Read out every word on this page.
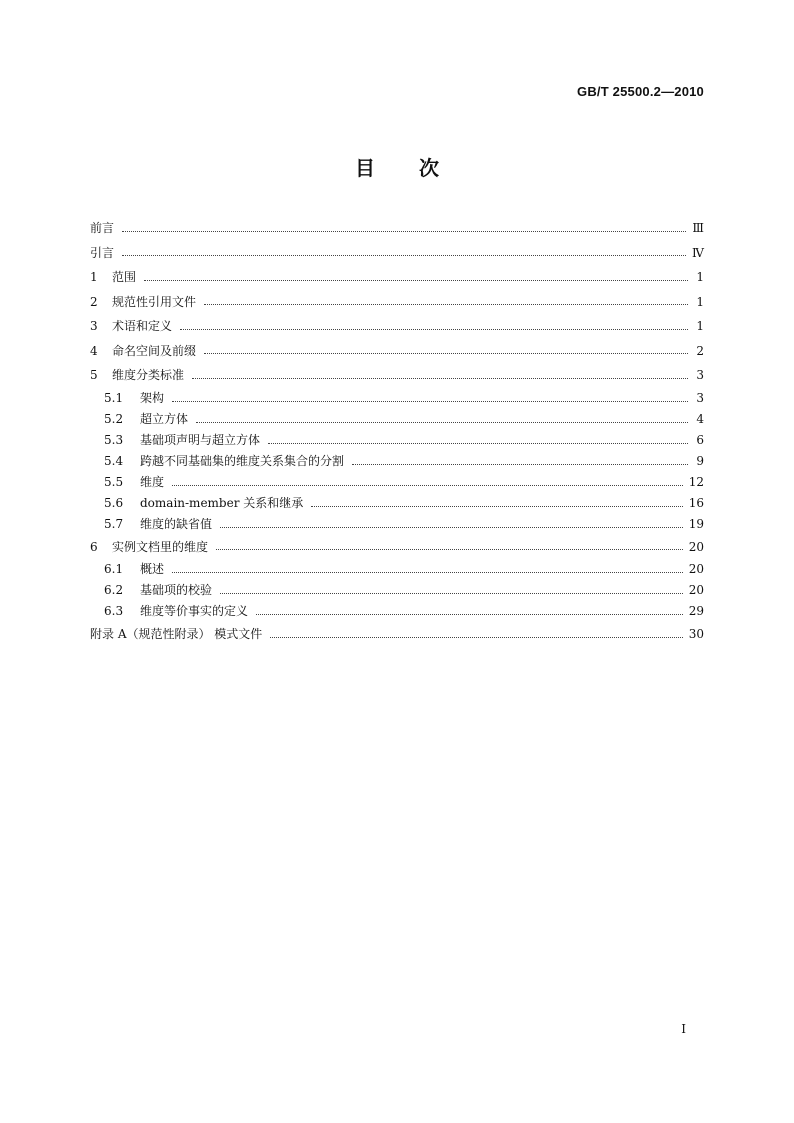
GB/T 25500.2—2010
目 次
前言	Ⅲ
引言	Ⅳ
1	范围	1
2	规范性引用文件	1
3	术语和定义	1
4	命名空间及前缀	2
5	维度分类标准	3
5.1	架构	3
5.2	超立方体	4
5.3	基础项声明与超立方体	6
5.4	跨越不同基础集的维度关系集合的分割	9
5.5	维度	12
5.6	domain-member 关系和继承	16
5.7	维度的缺省值	19
6	实例文档里的维度	20
6.1	概述	20
6.2	基础项的校验	20
6.3	维度等价事实的定义	29
附录 A（规范性附录） 模式文件	30
I
